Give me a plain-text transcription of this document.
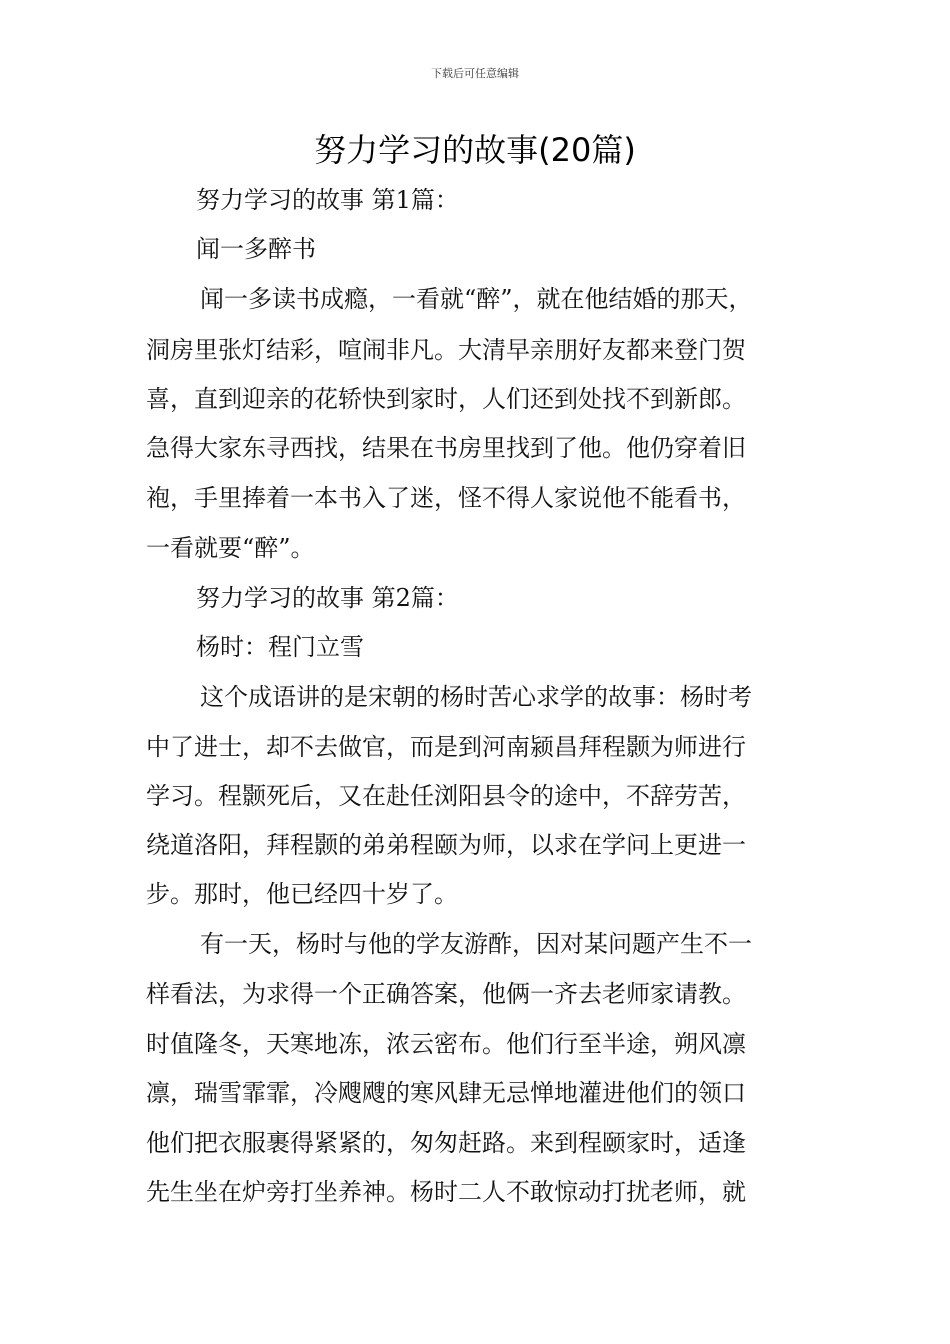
下载后可任意编辑
努力学习的故事(20篇)

努力学习的故事 第1篇：

闻一多醉书

闻一多读书成瘾，一看就“醉”，就在他结婚的那天，

洞房里张灯结彩，喧闹非凡。大清早亲朋好友都来登门贺

喜，直到迎亲的花轿快到家时，人们还到处找不到新郎。

急得大家东寻西找，结果在书房里找到了他。他仍穿着旧

袍，手里捧着一本书入了迷，怪不得人家说他不能看书，

一看就要“醉”。

努力学习的故事 第2篇：

杨时：程门立雪

这个成语讲的是宋朝的杨时苦心求学的故事：杨时考

中了进士，却不去做官，而是到河南颍昌拜程颢为师进行

学习。程颢死后，又在赴任浏阳县令的途中，不辞劳苦，

绕道洛阳，拜程颢的弟弟程颐为师，以求在学问上更进一

步。那时，他已经四十岁了。

有一天，杨时与他的学友游酢，因对某问题产生不一

样看法，为求得一个正确答案，他俩一齐去老师家请教。

时值隆冬，天寒地冻，浓云密布。他们行至半途，朔风凛

凛，瑞雪霏霏，冷飕飕的寒风肆无忌惮地灌进他们的领口

他们把衣服裹得紧紧的，匆匆赶路。来到程颐家时，适逢

先生坐在炉旁打坐养神。杨时二人不敢惊动打扰老师，就
